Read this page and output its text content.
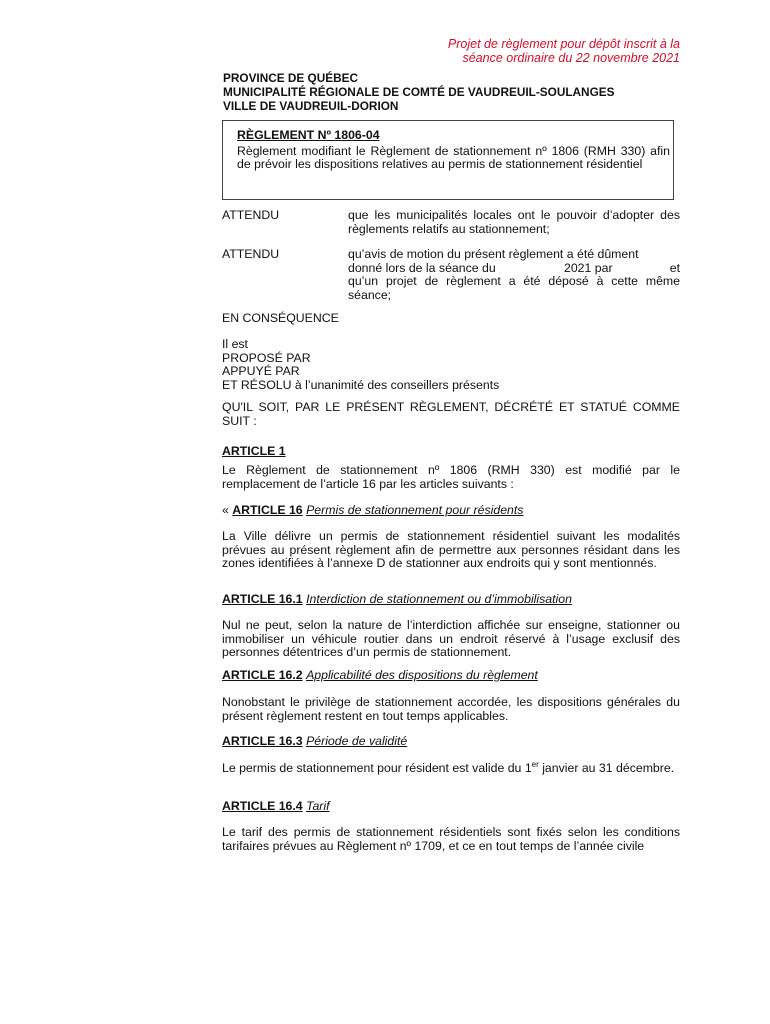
Projet de règlement pour dépôt inscrit à la
séance ordinaire du 22 novembre 2021
PROVINCE DE QUÉBEC
MUNICIPALITÉ RÉGIONALE DE COMTÉ DE VAUDREUIL-SOULANGES
VILLE DE VAUDREUIL-DORION
RÈGLEMENT Nº 1806-04
Règlement modifiant le Règlement de stationnement nº 1806 (RMH 330) afin de prévoir les dispositions relatives au permis de stationnement résidentiel
ATTENDU	que les municipalités locales ont le pouvoir d’adopter des règlements relatifs au stationnement;
ATTENDU	qu’avis de motion du présent règlement a été dûment
donné lors de la séance du	2021 par	et
qu’un projet de règlement a été déposé à cette même séance;
EN CONSÉQUENCE
Il est
PROPOSÉ PAR
APPUYÉ PAR
ET RÉSOLU à l’unanimité des conseillers présents
QU'IL SOIT, PAR LE PRÉSENT RÈGLEMENT, DÉCRÉTÉ ET STATUÉ COMME SUIT :
ARTICLE 1
Le Règlement de stationnement nº 1806 (RMH 330) est modifié par le remplacement de l’article 16 par les articles suivants :
« ARTICLE 16 Permis de stationnement pour résidents
La Ville délivre un permis de stationnement résidentiel suivant les modalités prévues au présent règlement afin de permettre aux personnes résidant dans les zones identifiées à l’annexe D de stationner aux endroits qui y sont mentionnés.
ARTICLE 16.1 Interdiction de stationnement ou d’immobilisation
Nul ne peut, selon la nature de l’interdiction affichée sur enseigne, stationner ou immobiliser un véhicule routier dans un endroit réservé à l’usage exclusif des personnes détentrices d’un permis de stationnement.
ARTICLE 16.2 Applicabilité des dispositions du règlement
Nonobstant le privilège de stationnement accordée, les dispositions générales du présent règlement restent en tout temps applicables.
ARTICLE 16.3 Période de validité
Le permis de stationnement pour résident est valide du 1er janvier au 31 décembre.
ARTICLE 16.4 Tarif
Le tarif des permis de stationnement résidentiels sont fixés selon les conditions tarifaires prévues au Règlement nº 1709, et ce en tout temps de l’année civile
